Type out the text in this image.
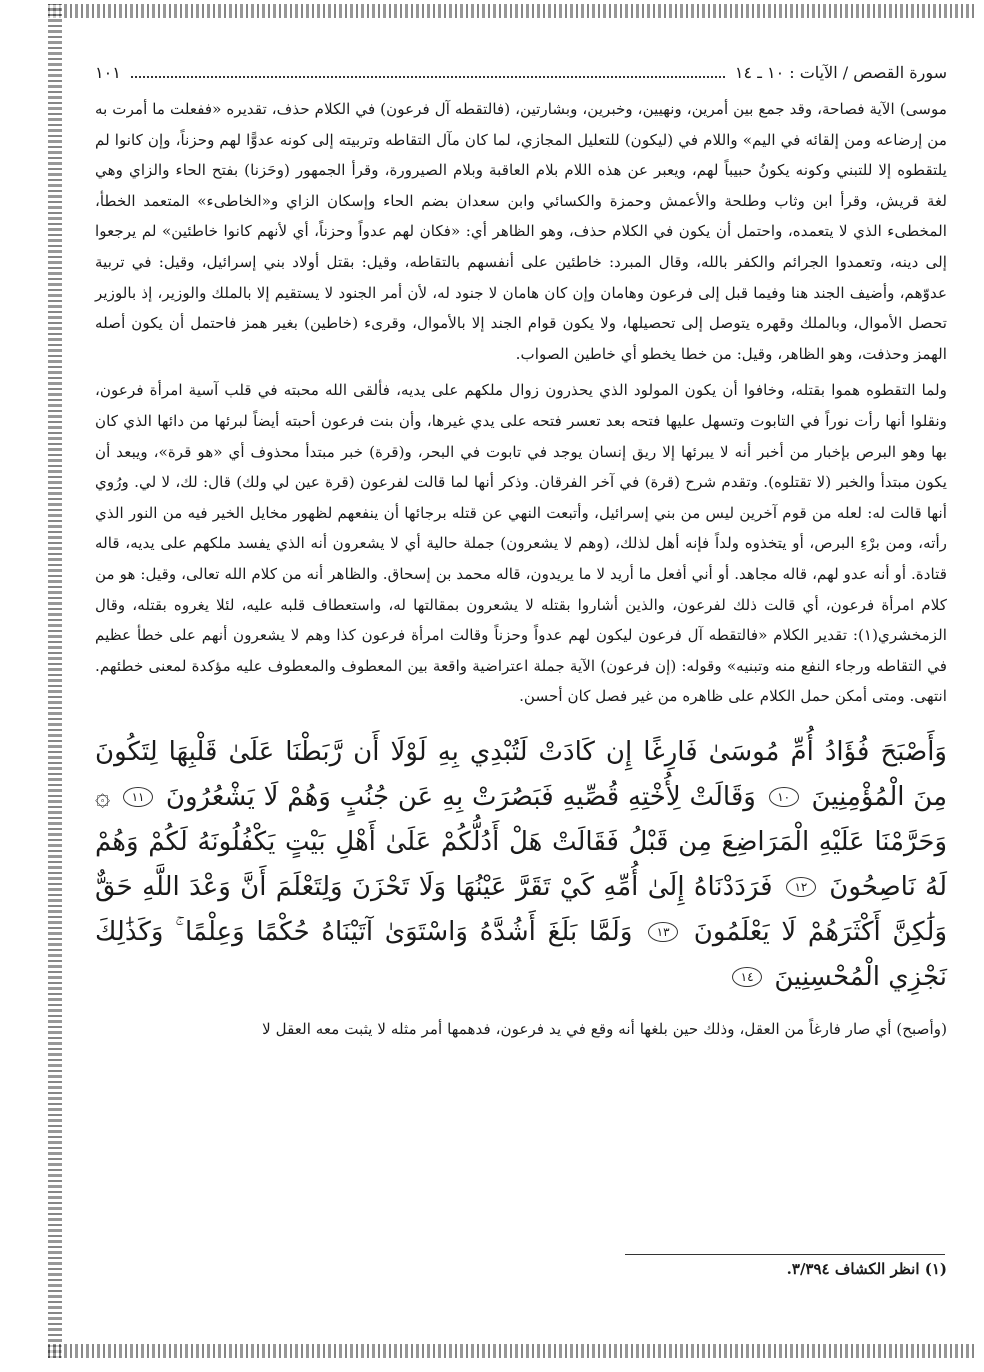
سورة القصص / الآيات : ١٠ ـ ١٤
١٠١

موسى) الآية فصاحة، وقد جمع بين أمرين، ونهيين، وخبرين، وبشارتين، (فالتقطه آل فرعون) في الكلام حذف، تقديره «ففعلت ما أمرت به من إرضاعه ومن إلقائه في اليم» واللام في (ليكون) للتعليل المجازي، لما كان مآل التقاطه وتربيته إلى كونه عدوًّا لهم وحزناً، وإن كانوا لم يلتقطوه إلا للتبني وكونه يكونُ حبيباً لهم، ويعبر عن هذه اللام بلام العاقبة وبلام الصيرورة، وقرأ الجمهور (وحَزنا) بفتح الحاء والزاي وهي لغة قريش، وقرأ ابن وثاب وطلحة والأعمش وحمزة والكسائي وابن سعدان بضم الحاء وإسكان الزاي و«الخاطىء» المتعمد الخطأ، المخطىء الذي لا يتعمده، واحتمل أن يكون في الكلام حذف، وهو الظاهر أي: «فكان لهم عدواً وحزناً، أي لأنهم كانوا خاطئين» لم يرجعوا إلى دينه، وتعمدوا الجرائم والكفر بالله، وقال المبرد: خاطئين على أنفسهم بالتقاطه، وقيل: بقتل أولاد بني إسرائيل، وقيل: في تربية عدوّهم، وأضيف الجند هنا وفيما قبل إلى فرعون وهامان وإن كان هامان لا جنود له، لأن أمر الجنود لا يستقيم إلا بالملك والوزير، إذ بالوزير تحصل الأموال، وبالملك وقهره يتوصل إلى تحصيلها، ولا يكون قوام الجند إلا بالأموال، وقرىء (خاطين) بغير همز فاحتمل أن يكون أصله الهمز وحذفت، وهو الظاهر، وقيل: من خطا يخطو أي خاطين الصواب.

ولما التقطوه هموا بقتله، وخافوا أن يكون المولود الذي يحذرون زوال ملكهم على يديه، فألقى الله محبته في قلب آسية امرأة فرعون، ونقلوا أنها رأت نوراً في التابوت وتسهل عليها فتحه بعد تعسر فتحه على يدي غيرها، وأن بنت فرعون أحبته أيضاً لبرئها من دائها الذي كان بها وهو البرص بإخبار من أخبر أنه لا يبرئها إلا ريق إنسان يوجد في تابوت في البحر، و(قرة) خبر مبتدأ محذوف أي «هو قرة»، ويبعد أن يكون مبتدأ والخبر (لا تقتلوه). وتقدم شرح (قرة) في آخر الفرقان. وذكر أنها لما قالت لفرعون (قرة عين لي ولك) قال: لك، لا لي. ورُوي أنها قالت له: لعله من قوم آخرين ليس من بني إسرائيل، وأتبعت النهي عن قتله برجائها أن ينفعهم لظهور مخايل الخير فيه من النور الذي رأته، ومن برْءِ البرص، أو يتخذوه ولداً فإنه أهل لذلك، (وهم لا يشعرون) جملة حالية أي لا يشعرون أنه الذي يفسد ملكهم على يديه، قاله قتادة. أو أنه عدو لهم، قاله مجاهد. أو أني أفعل ما أريد لا ما يريدون، قاله محمد بن إسحاق. والظاهر أنه من كلام الله تعالى، وقيل: هو من كلام امرأة فرعون، أي قالت ذلك لفرعون، والذين أشاروا بقتله لا يشعرون بمقالتها له، واستعطاف قلبه عليه، لئلا يغروه بقتله، وقال الزمخشري(١): تقدير الكلام «فالتقطه آل فرعون ليكون لهم عدواً وحزناً وقالت امرأة فرعون كذا وهم لا يشعرون أنهم على خطأ عظيم في التقاطه ورجاء النفع منه وتبنيه» وقوله: (إن فرعون) الآية جملة اعتراضية واقعة بين المعطوف والمعطوف عليه مؤكدة لمعنى خطئهم. انتهى. ومتى أمكن حمل الكلام على ظاهره من غير فصل كان أحسن.

وَأَصْبَحَ فُؤَادُ أُمِّ مُوسَىٰ فَارِغًا إِن كَادَتْ لَتُبْدِي بِهِ لَوْلَا أَن رَّبَطْنَا عَلَىٰ قَلْبِهَا لِتَكُونَ مِنَ الْمُؤْمِنِينَ ١٠ وَقَالَتْ لِأُخْتِهِ قُصِّيهِ فَبَصُرَتْ بِهِ عَن جُنُبٍ وَهُمْ لَا يَشْعُرُونَ ١١ ۞ وَحَرَّمْنَا عَلَيْهِ الْمَرَاضِعَ مِن قَبْلُ فَقَالَتْ هَلْ أَدُلُّكُمْ عَلَىٰ أَهْلِ بَيْتٍ يَكْفُلُونَهُ لَكُمْ وَهُمْ لَهُ نَاصِحُونَ ١٢ فَرَدَدْنَاهُ إِلَىٰ أُمِّهِ كَيْ تَقَرَّ عَيْنُهَا وَلَا تَحْزَنَ وَلِتَعْلَمَ أَنَّ وَعْدَ اللَّهِ حَقٌّ وَلَٰكِنَّ أَكْثَرَهُمْ لَا يَعْلَمُونَ ١٣ وَلَمَّا بَلَغَ أَشُدَّهُ وَاسْتَوَىٰ آتَيْنَاهُ حُكْمًا وَعِلْمًا ۚ وَكَذَٰلِكَ نَجْزِي الْمُحْسِنِينَ ١٤

(وأصبح) أي صار فارغاً من العقل، وذلك حين بلغها أنه وقع في يد فرعون، فدهمها أمر مثله لا يثبت معه العقل لا

(١) انظر الكشاف ٣/٣٩٤.
